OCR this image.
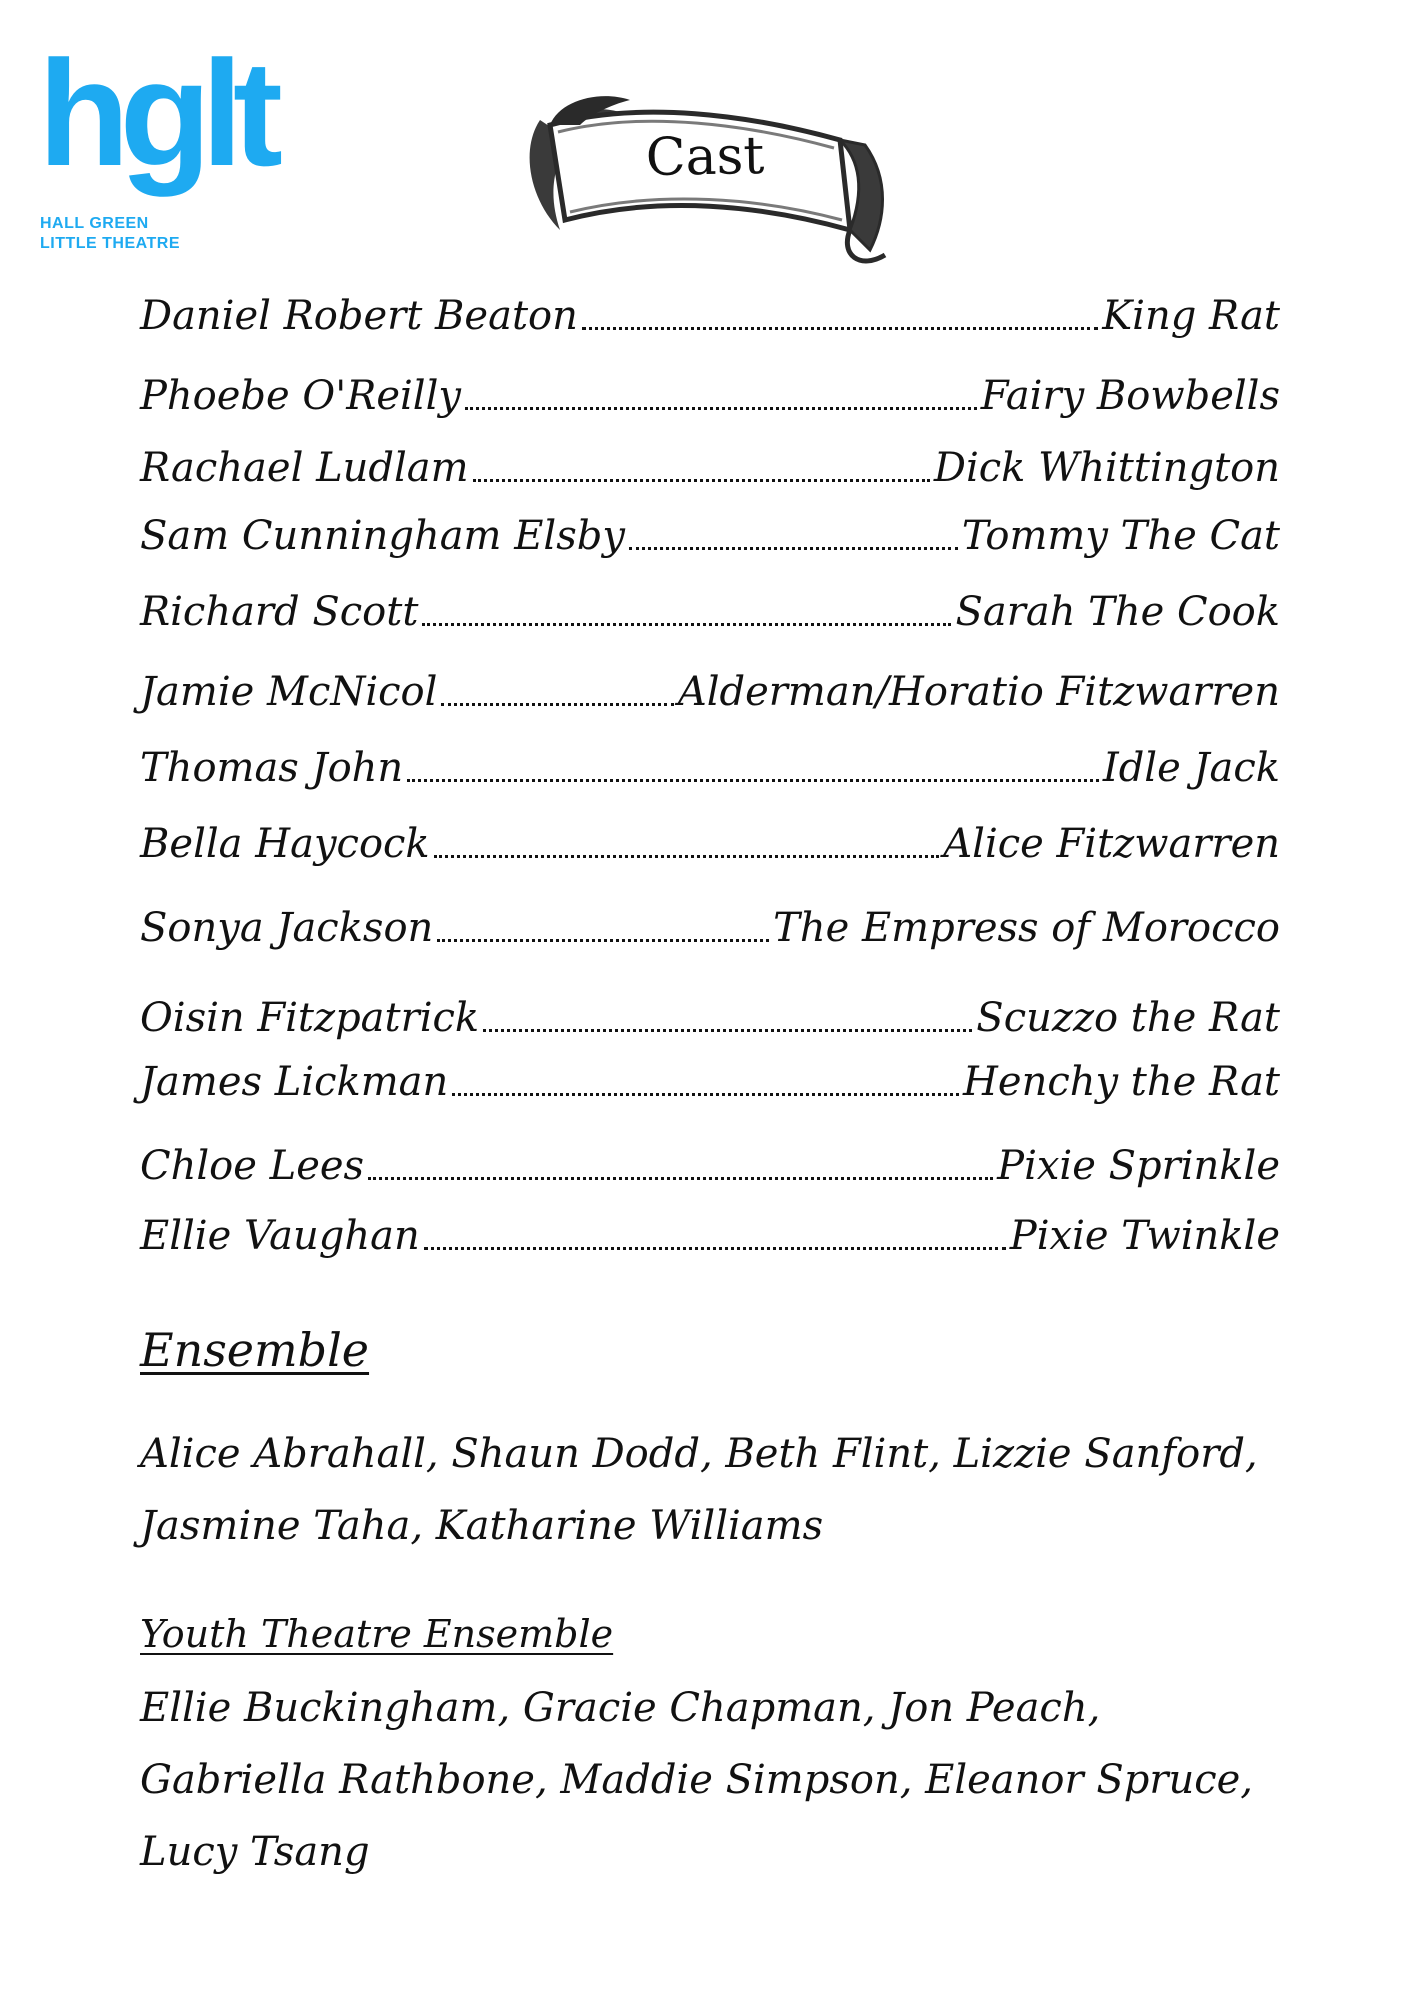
hglt
HALL GREEN
LITTLE THEATRE
Cast
Daniel Robert Beaton	King Rat
Phoebe O'Reilly	Fairy Bowbells
Rachael Ludlam	Dick Whittington
Sam Cunningham Elsby	Tommy The Cat
Richard Scott	Sarah The Cook
Jamie McNicol	Alderman/Horatio Fitzwarren
Thomas John	Idle Jack
Bella Haycock	Alice Fitzwarren
Sonya Jackson	The Empress of Morocco
Oisin Fitzpatrick	Scuzzo the Rat
James Lickman	Henchy the Rat
Chloe Lees	Pixie Sprinkle
Ellie Vaughan	Pixie Twinkle
Ensemble
Alice Abrahall, Shaun Dodd, Beth Flint, Lizzie Sanford, Jasmine Taha, Katharine Williams
Youth Theatre Ensemble
Ellie Buckingham, Gracie Chapman, Jon Peach, Gabriella Rathbone, Maddie Simpson, Eleanor Spruce, Lucy Tsang
